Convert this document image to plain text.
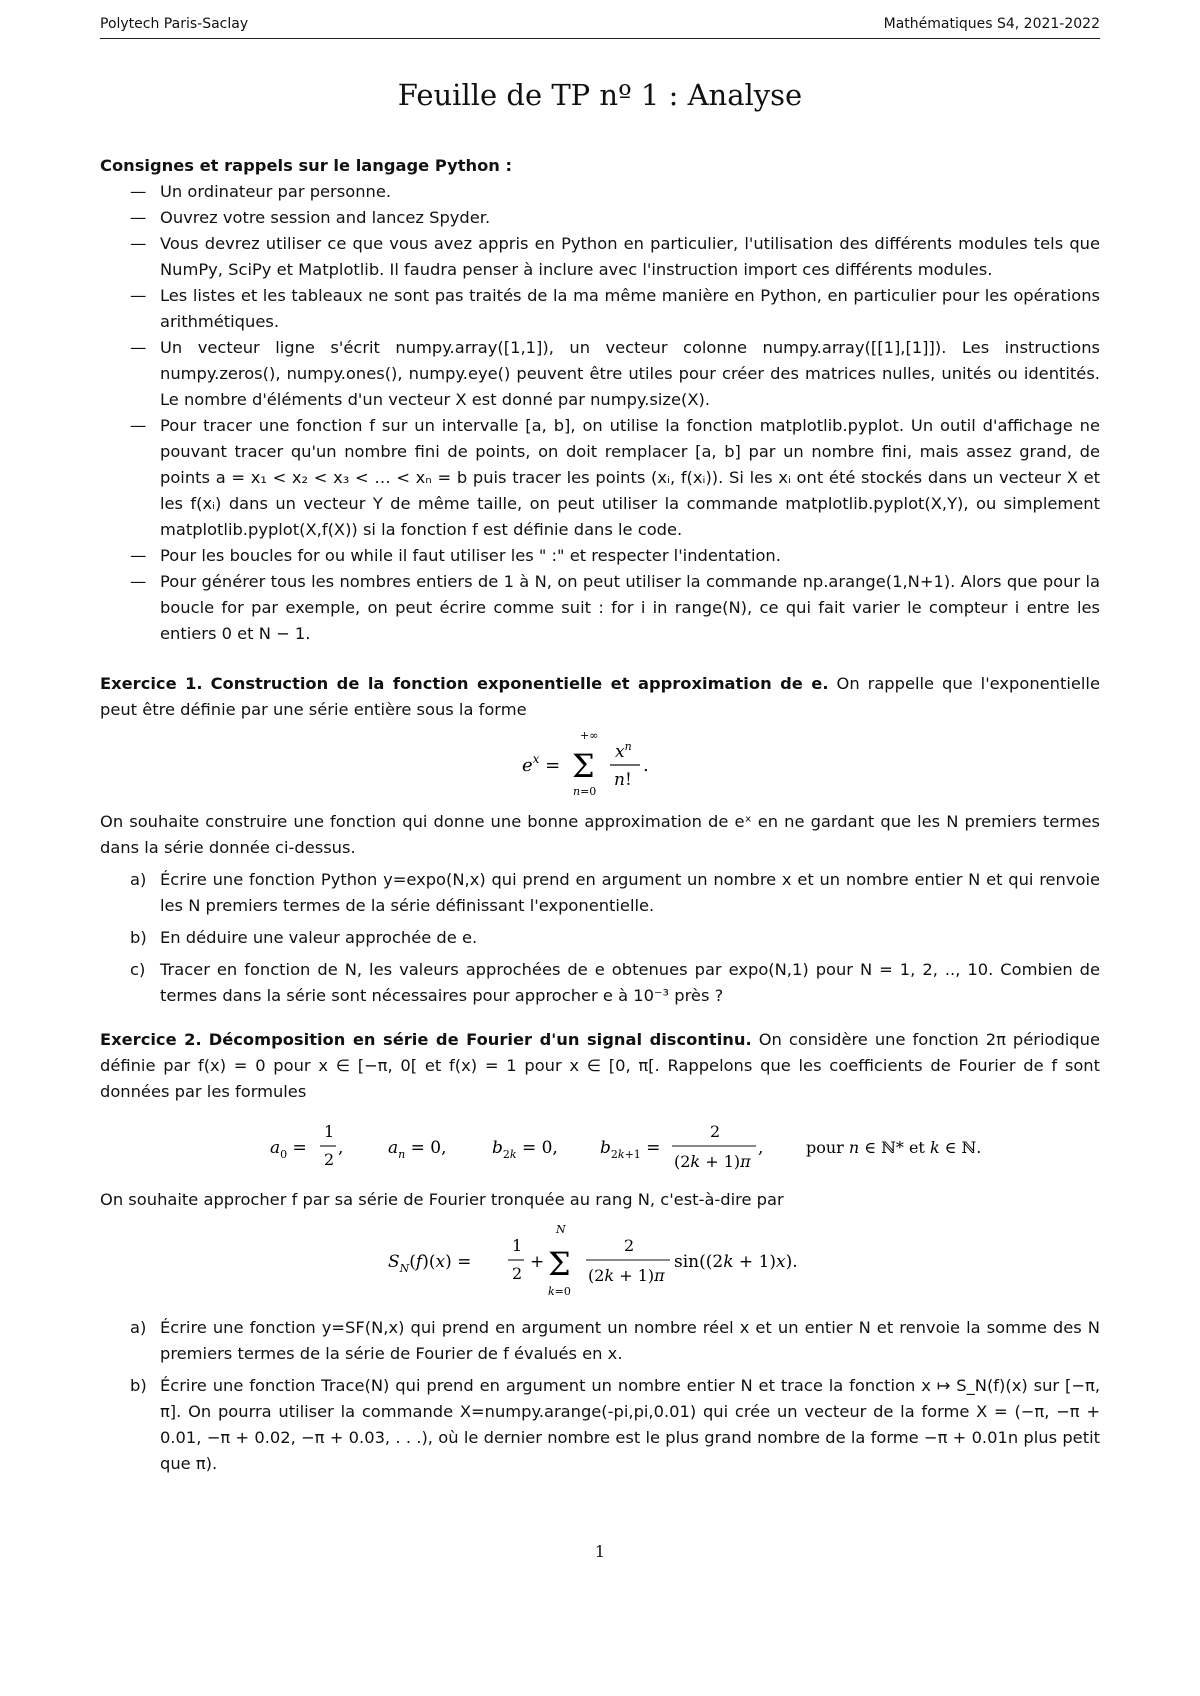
Polytech Paris-Saclay	Mathématiques S4, 2021-2022
Feuille de TP nº 1 : Analyse
Consignes et rappels sur le langage Python :
— Un ordinateur par personne.
— Ouvrez votre session and lancez Spyder.
— Vous devrez utiliser ce que vous avez appris en Python en particulier, l'utilisation des différents modules tels que NumPy, SciPy et Matplotlib. Il faudra penser à inclure avec l'instruction import ces différents modules.
— Les listes et les tableaux ne sont pas traités de la ma même manière en Python, en particulier pour les opérations arithmétiques.
— Un vecteur ligne s'écrit numpy.array([1,1]), un vecteur colonne numpy.array([[1],[1]]). Les instructions numpy.zeros(), numpy.ones(), numpy.eye() peuvent être utiles pour créer des matrices nulles, unités ou identités. Le nombre d'éléments d'un vecteur X est donné par numpy.size(X).
— Pour tracer une fonction f sur un intervalle [a, b], on utilise la fonction matplotlib.pyplot. Un outil d'affichage ne pouvant tracer qu'un nombre fini de points, on doit remplacer [a, b] par un nombre fini, mais assez grand, de points a = x₁ < x₂ < x₃ < … < xₙ = b puis tracer les points (xᵢ, f(xᵢ)). Si les xᵢ ont été stockés dans un vecteur X et les f(xᵢ) dans un vecteur Y de même taille, on peut utiliser la commande matplotlib.pyplot(X,Y), ou simplement matplotlib.pyplot(X,f(X)) si la fonction f est définie dans le code.
— Pour les boucles for ou while il faut utiliser les " :" et respecter l'indentation.
— Pour générer tous les nombres entiers de 1 à N, on peut utiliser la commande np.arange(1,N+1). Alors que pour la boucle for par exemple, on peut écrire comme suit : for i in range(N), ce qui fait varier le compteur i entre les entiers 0 et N − 1.
Exercice 1. Construction de la fonction exponentielle et approximation de e. On rappelle que l'exponentielle peut être définie par une série entière sous la forme
$e^x$ =
+∞
Σ
n=0
$x^n$
n!
.
On souhaite construire une fonction qui donne une bonne approximation de eˣ en ne gardant que les N premiers termes dans la série donnée ci-dessus.
a) Écrire une fonction Python y=expo(N,x) qui prend en argument un nombre x et un nombre entier N et qui renvoie les N premiers termes de la série définissant l'exponentielle.
b) En déduire une valeur approchée de e.
c) Tracer en fonction de N, les valeurs approchées de e obtenues par expo(N,1) pour N = 1, 2, .., 10. Combien de termes dans la série sont nécessaires pour approcher e à 10⁻³ près ?
Exercice 2. Décomposition en série de Fourier d'un signal discontinu. On considère une fonction 2π périodique définie par f(x) = 0 pour x ∈ [−π, 0[ et f(x) = 1 pour x ∈ [0, π[. Rappelons que les coefficients de Fourier de f sont données par les formules
$a_0$ =
1
2
,	$a_n = 0$,	$b_{2k} = 0$, $b_{2k+1}$ =
2
(2k + 1)π
,	pour n ∈ ℕ* et k ∈ ℕ.
On souhaite approcher f par sa série de Fourier tronquée au rang N, c'est-à-dire par
$S_N(f)(x)$ =
1
2
+
N
Σ
k=0
2
(2k + 1)π
sin((2k + 1)x).
a) Écrire une fonction y=SF(N,x) qui prend en argument un nombre réel x et un entier N et renvoie la somme des N premiers termes de la série de Fourier de f évalués en x.
b) Écrire une fonction Trace(N) qui prend en argument un nombre entier N et trace la fonction x ↦ S_N(f)(x) sur [−π, π]. On pourra utiliser la commande X=numpy.arange(-pi,pi,0.01) qui crée un vecteur de la forme X = (−π, −π + 0.01, −π + 0.02, −π + 0.03, . . .), où le dernier nombre est le plus grand nombre de la forme −π + 0.01n plus petit que π).
1
